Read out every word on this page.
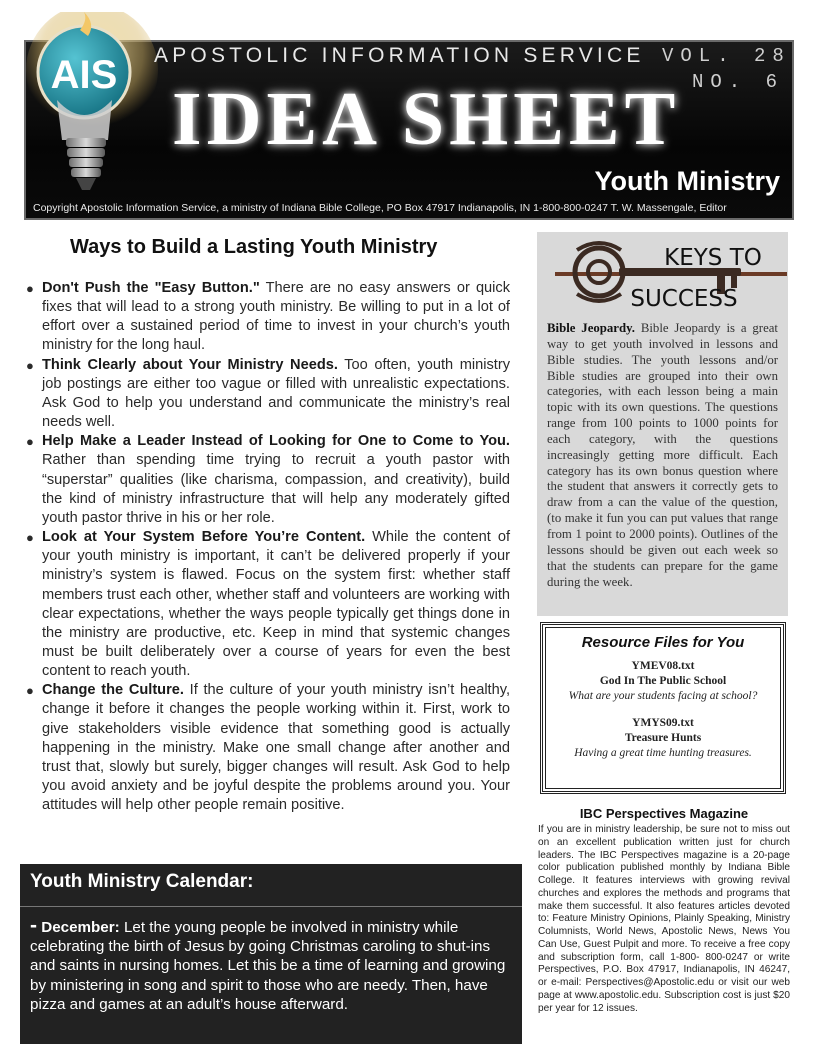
AIS APOSTOLIC INFORMATION SERVICE VOL. 28
NO. 6
IDEA SHEET
Youth Ministry
Copyright Apostolic Information Service, a ministry of Indiana Bible College, PO Box 47917 Indianapolis, IN 1-800-800-0247 T. W. Massengale, Editor
Ways to Build a Lasting Youth Ministry
● Don't Push the "Easy Button." There are no easy answers or quick fixes that will lead to a strong youth ministry. Be willing to put in a lot of effort over a sustained period of time to invest in your church’s youth ministry for the long haul.
● Think Clearly about Your Ministry Needs. Too often, youth ministry job postings are either too vague or filled with unrealistic expectations. Ask God to help you understand and communicate the ministry’s real needs well.
● Help Make a Leader Instead of Looking for One to Come to You. Rather than spending time trying to recruit a youth pastor with “superstar” qualities (like charisma, compassion, and creativity), build the kind of ministry infrastructure that will help any moderately gifted youth pastor thrive in his or her role.
● Look at Your System Before You’re Content. While the content of your youth ministry is important, it can’t be delivered properly if your ministry’s system is flawed. Focus on the system first: whether staff members trust each other, whether staff and volunteers are working with clear expectations, whether the ways people typically get things done in the ministry are productive, etc. Keep in mind that systemic changes must be built deliberately over a course of years for even the best content to reach youth.
● Change the Culture. If the culture of your youth ministry isn’t healthy, change it before it changes the people working within it. First, work to give stakeholders visible evidence that something good is actually happening in the ministry. Make one small change after another and trust that, slowly but surely, bigger changes will result. Ask God to help you avoid anxiety and be joyful despite the problems around you. Your attitudes will help other people remain positive.
Youth Ministry Calendar:
- December: Let the young people be involved in ministry while celebrating the birth of Jesus by going Christmas caroling to shut-ins and saints in nursing homes. Let this be a time of learning and growing by ministering in song and spirit to those who are needy. Then, have pizza and games at an adult’s house afterward.
KEYS TO
SUCCESS
Bible Jeopardy. Bible Jeopardy is a great way to get youth involved in lessons and Bible studies. The youth lessons and/or Bible studies are grouped into their own categories, with each lesson being a main topic with its own questions. The questions range from 100 points to 1000 points for each category, with the questions increasingly getting more difficult. Each category has its own bonus question where the student that answers it correctly gets to draw from a can the value of the question, (to make it fun you can put values that range from 1 point to 2000 points). Outlines of the lessons should be given out each week so that the students can prepare for the game during the week.
Resource Files for You
YMEV08.txt
God In The Public School
What are your students facing at school?
YMYS09.txt
Treasure Hunts
Having a great time hunting treasures.
IBC Perspectives Magazine
If you are in ministry leadership, be sure not to miss out on an excellent publication written just for church leaders. The IBC Perspectives magazine is a 20-page color publication published monthly by Indiana Bible College. It features interviews with growing revival churches and explores the methods and programs that make them successful. It also features articles devoted to: Feature Ministry Opinions, Plainly Speaking, Ministry Columnists, World News, Apostolic News, News You Can Use, Guest Pulpit and more. To receive a free copy and subscription form, call 1-800- 800-0247 or write Perspectives, P.O. Box 47917, Indianapolis, IN 46247, or e-mail: Perspectives@Apostolic.edu or visit our web page at www.apostolic.edu. Subscription cost is just $20 per year for 12 issues.
